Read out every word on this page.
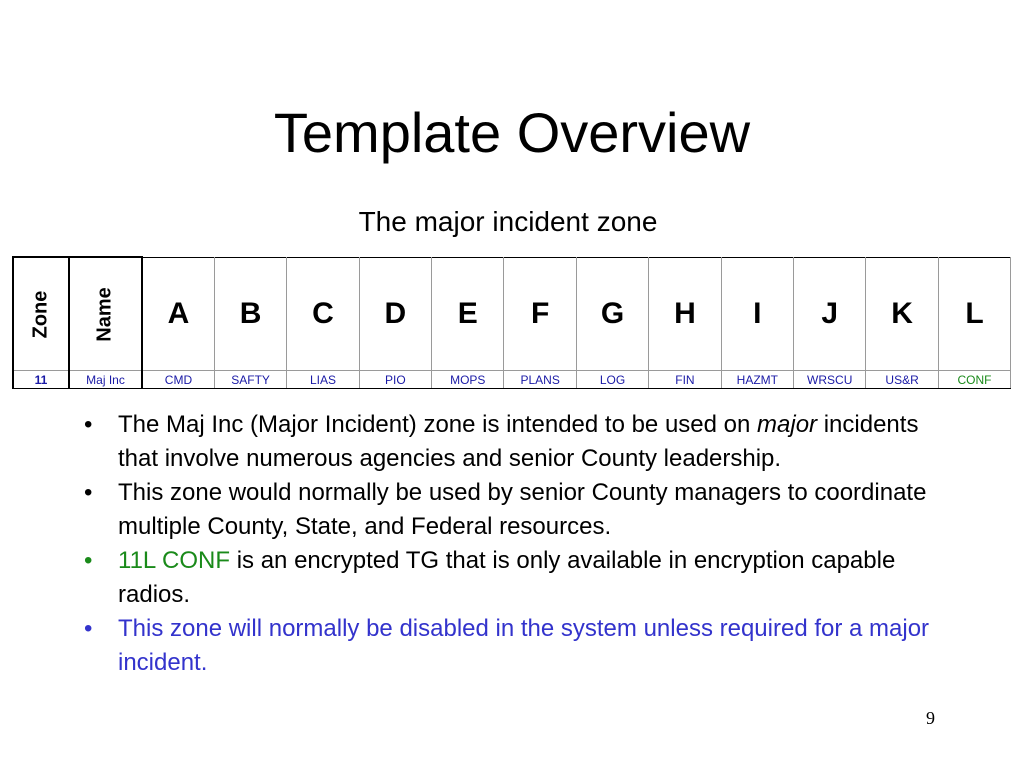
Template Overview
The major incident zone
Zone	Name	A	B	C	D	E	F	G	H	I	J	K	L
11	Maj Inc	CMD	SAFTY	LIAS	PIO	MOPS	PLANS	LOG	FIN	HAZMT	WRSCU	US&R	CONF
• The Maj Inc (Major Incident) zone is intended to be used on major incidents that involve numerous agencies and senior County leadership.
• This zone would normally be used by senior County managers to coordinate multiple County, State, and Federal resources.
• 11L CONF is an encrypted TG that is only available in encryption capable radios.
• This zone will normally be disabled in the system unless required for a major incident.
9
